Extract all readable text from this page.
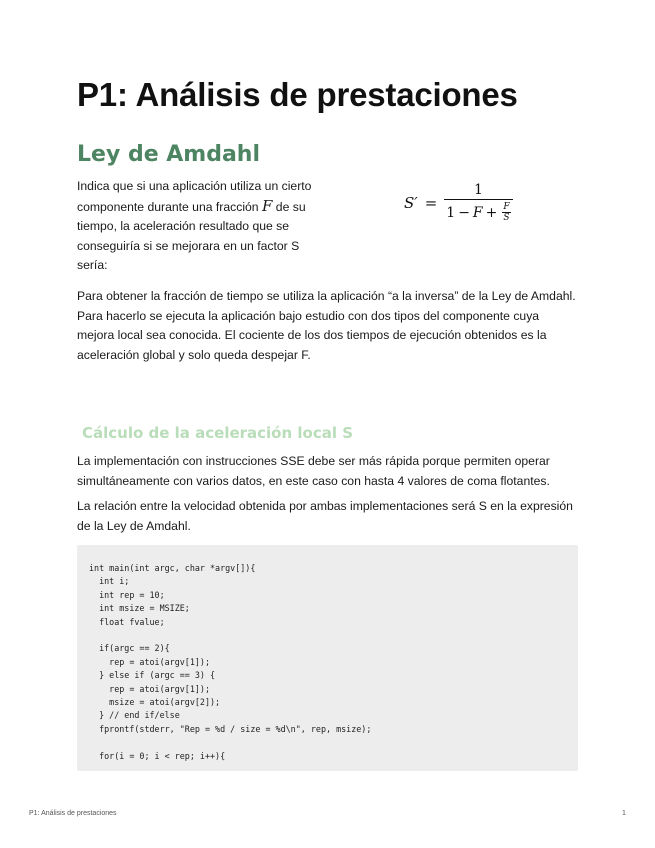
P1: Análisis de prestaciones
Ley de Amdahl

Indica que si una aplicación utiliza un cierto componente durante una fracción F de su tiempo, la aceleración resultado que se conseguiría si se mejorara en un factor S sería:

$S' = \frac{1}{1 - F + \frac{F}{S}}$

Para obtener la fracción de tiempo se utiliza la aplicación “a la inversa” de la Ley de Amdahl. Para hacerlo se ejecuta la aplicación bajo estudio con dos tipos del componente cuya mejora local sea conocida. El cociente de los dos tiempos de ejecución obtenidos es la aceleración global y solo queda despejar F.

Cálculo de la aceleración local S

La implementación con instrucciones SSE debe ser más rápida porque permiten operar simultáneamente con varios datos, en este caso con hasta 4 valores de coma flotantes.

La relación entre la velocidad obtenida por ambas implementaciones será S en la expresión de la Ley de Amdahl.

int main(int argc, char *argv[]){
int i;
int rep = 10;
int msize = MSIZE;
float fvalue;

if(argc == 2){
rep = atoi(argv[1]);
} else if (argc == 3) {
rep = atoi(argv[1]);
msize = atoi(argv[2]);
} // end if/else
fprontf(stderr, "Rep = %d / size = %d\n", rep, msize);

for(i = 0; i < rep; i++){
P1: Análisis de prestaciones	1
